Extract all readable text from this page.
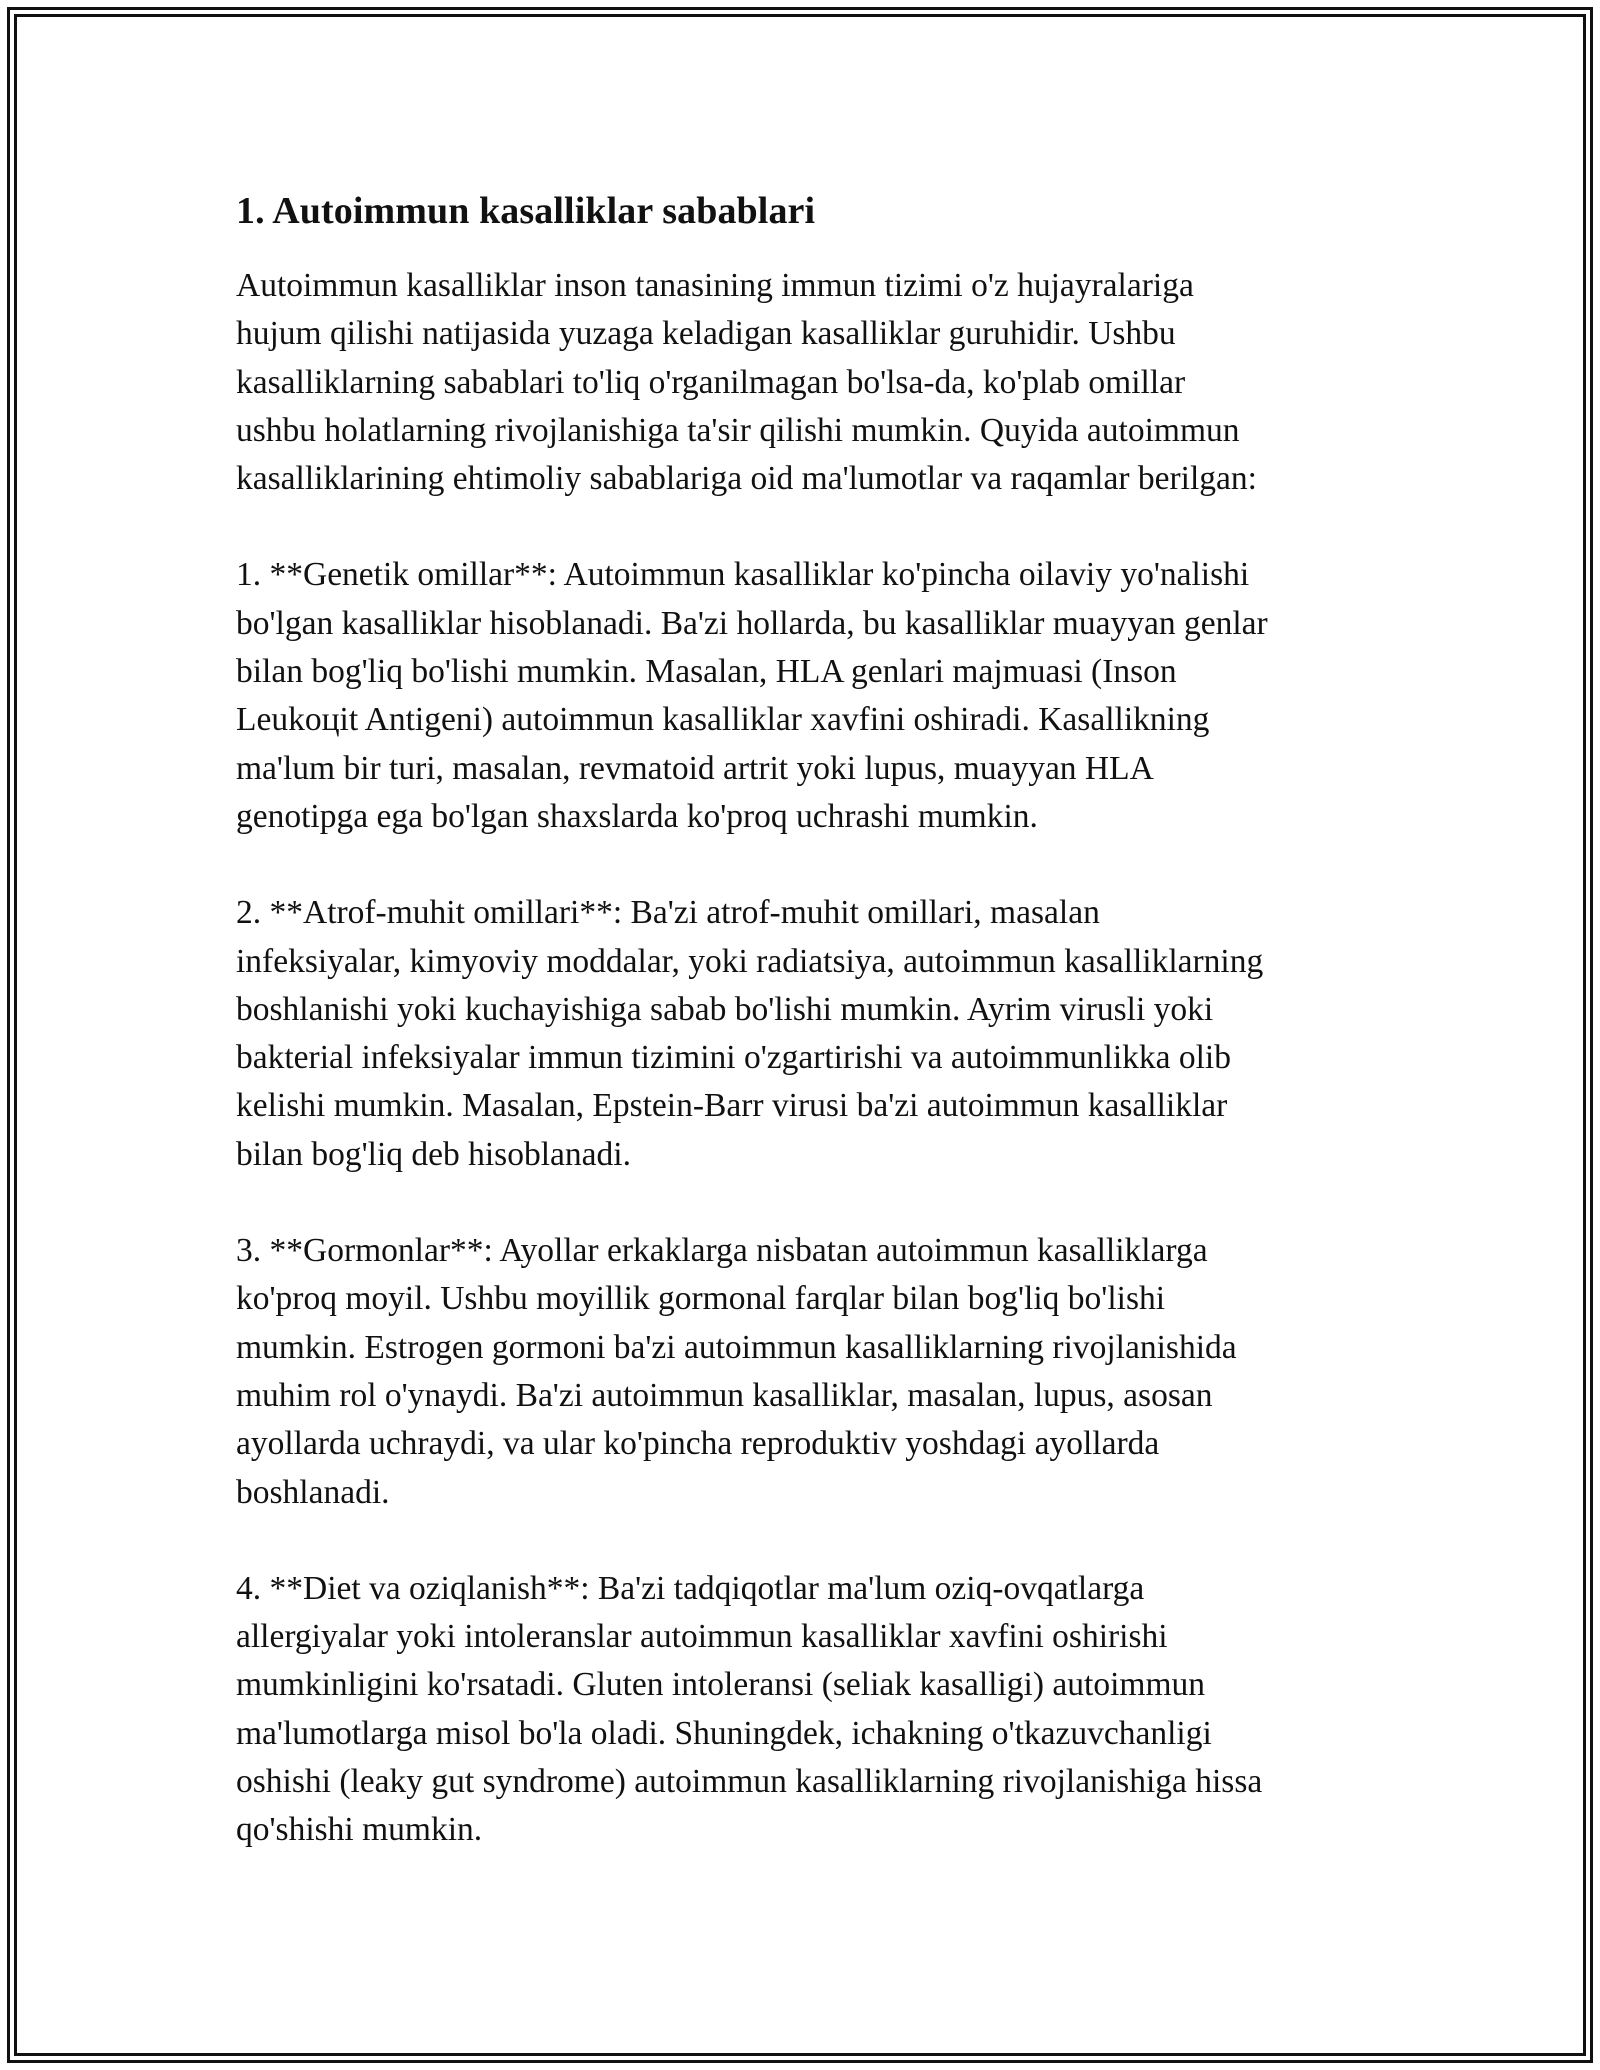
1. Autoimmun kasalliklar sabablari

Autoimmun kasalliklar inson tanasining immun tizimi o'z hujayralariga
hujum qilishi natijasida yuzaga keladigan kasalliklar guruhidir. Ushbu
kasalliklarning sabablari to'liq o'rganilmagan bo'lsa-da, ko'plab omillar
ushbu holatlarning rivojlanishiga ta'sir qilishi mumkin. Quyida autoimmun
kasalliklarining ehtimoliy sabablariga oid ma'lumotlar va raqamlar berilgan:

1. **Genetik omillar**: Autoimmun kasalliklar ko'pincha oilaviy yo'nalishi
bo'lgan kasalliklar hisoblanadi. Ba'zi hollarda, bu kasalliklar muayyan genlar
bilan bog'liq bo'lishi mumkin. Masalan, HLA genlari majmuasi (Inson
Leukoцit Antigeni) autoimmun kasalliklar xavfini oshiradi. Kasallikning
ma'lum bir turi, masalan, revmatoid artrit yoki lupus, muayyan HLA
genotipga ega bo'lgan shaxslarda ko'proq uchrashi mumkin.

2. **Atrof-muhit omillari**: Ba'zi atrof-muhit omillari, masalan
infeksiyalar, kimyoviy moddalar, yoki radiatsiya, autoimmun kasalliklarning
boshlanishi yoki kuchayishiga sabab bo'lishi mumkin. Ayrim virusli yoki
bakterial infeksiyalar immun tizimini o'zgartirishi va autoimmunlikka olib
kelishi mumkin. Masalan, Epstein-Barr virusi ba'zi autoimmun kasalliklar
bilan bog'liq deb hisoblanadi.

3. **Gormonlar**: Ayollar erkaklarga nisbatan autoimmun kasalliklarga
ko'proq moyil. Ushbu moyillik gormonal farqlar bilan bog'liq bo'lishi
mumkin. Estrogen gormoni ba'zi autoimmun kasalliklarning rivojlanishida
muhim rol o'ynaydi. Ba'zi autoimmun kasalliklar, masalan, lupus, asosan
ayollarda uchraydi, va ular ko'pincha reproduktiv yoshdagi ayollarda
boshlanadi.

4. **Diet va oziqlanish**: Ba'zi tadqiqotlar ma'lum oziq-ovqatlarga
allergiyalar yoki intoleranslar autoimmun kasalliklar xavfini oshirishi
mumkinligini ko'rsatadi. Gluten intoleransi (seliak kasalligi) autoimmun
ma'lumotlarga misol bo'la oladi. Shuningdek, ichakning o'tkazuvchanligi
oshishi (leaky gut syndrome) autoimmun kasalliklarning rivojlanishiga hissa
qo'shishi mumkin.
